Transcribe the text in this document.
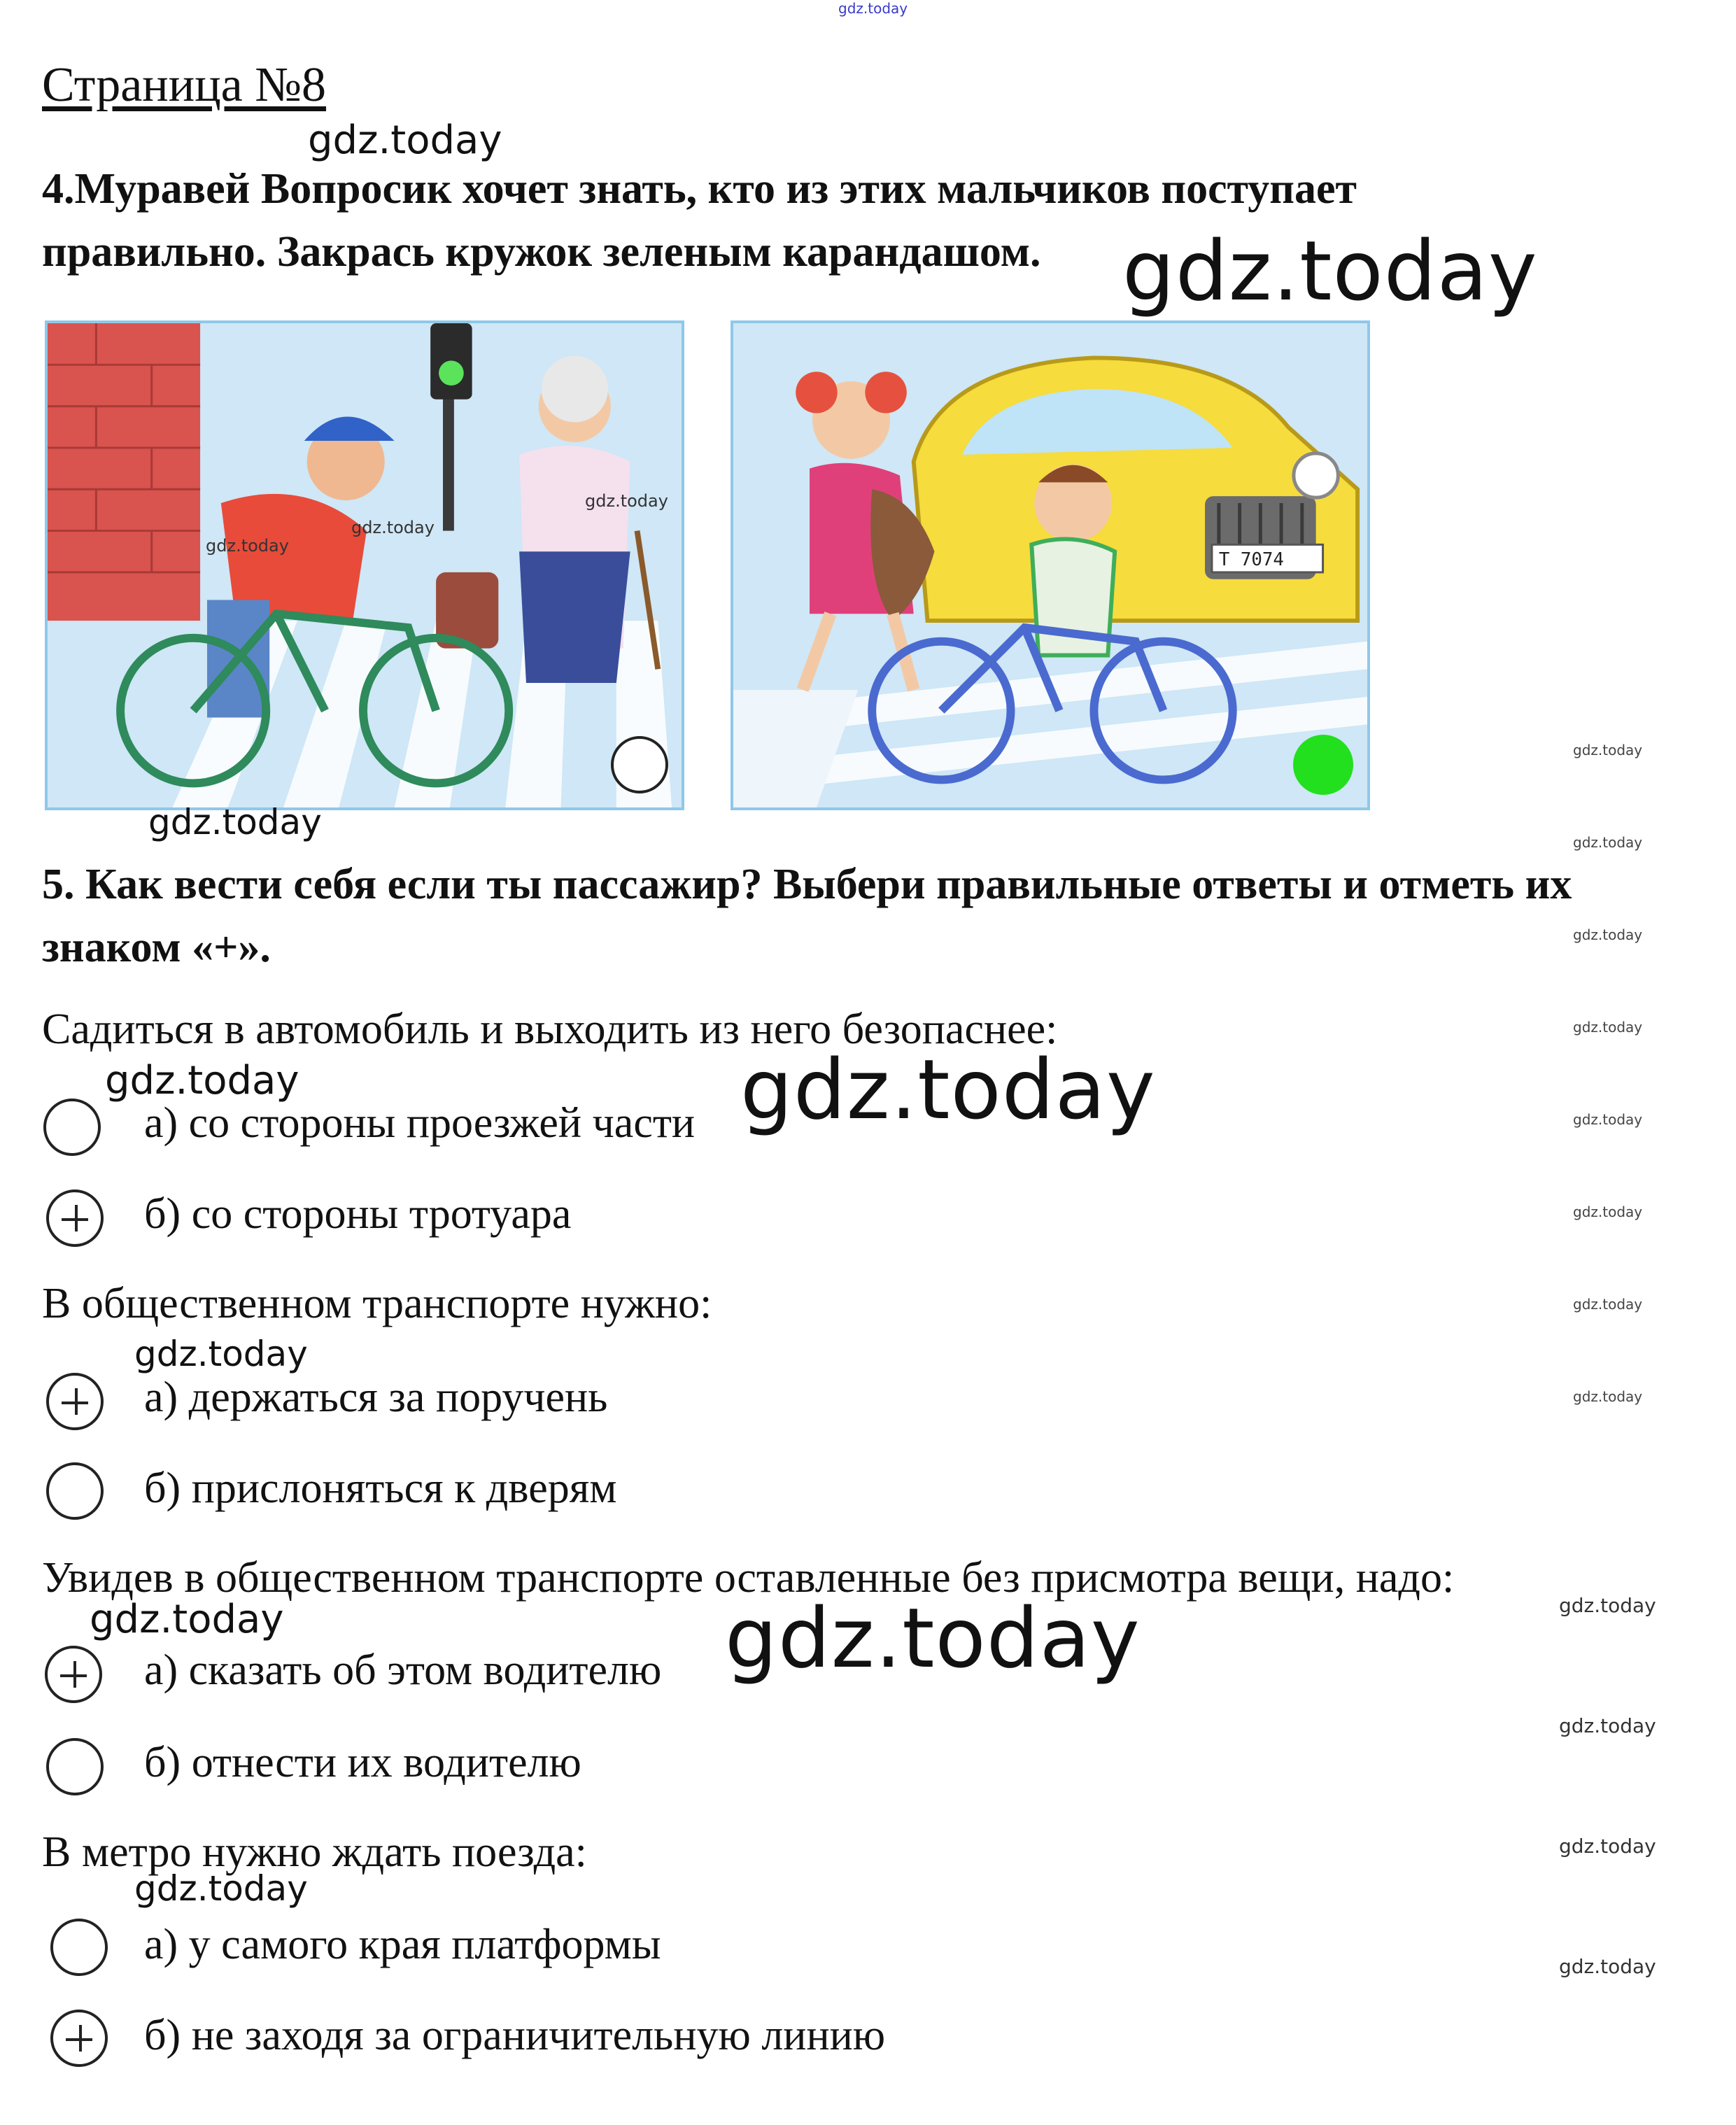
gdz.today
Страница №8
4.Муравей Вопросик хочет знать, кто из этих мальчиков поступает
правильно. Закрась кружок зеленым карандашом.
Т 7074
5. Как вести себя если ты пассажир? Выбери правильные ответы и отметь их
знаком «+».
Садиться в автомобиль и выходить из него безопаснее:
а) со стороны проезжей части
б) со стороны тротуара
В общественном транспорте нужно:
а) держаться за поручень
б) прислоняться к дверям
Увидев в общественном транспорте оставленные без присмотра вещи, надо:
а) сказать об этом водителю
б) отнести их водителю
В метро нужно ждать поезда:
а) у самого края платформы
б) не заходя за ограничительную линию
gdz.today
gdz.today
gdz.today
gdz.today
gdz.today
gdz.today
gdz.today	gdz.today
gdz.today
gdz.today	gdz.today
gdz.today
gdz.today
gdz.today
gdz.today
gdz.today
gdz.today
gdz.today
gdz.today
gdz.today
gdz.today
gdz.today
gdz.today
gdz.today
